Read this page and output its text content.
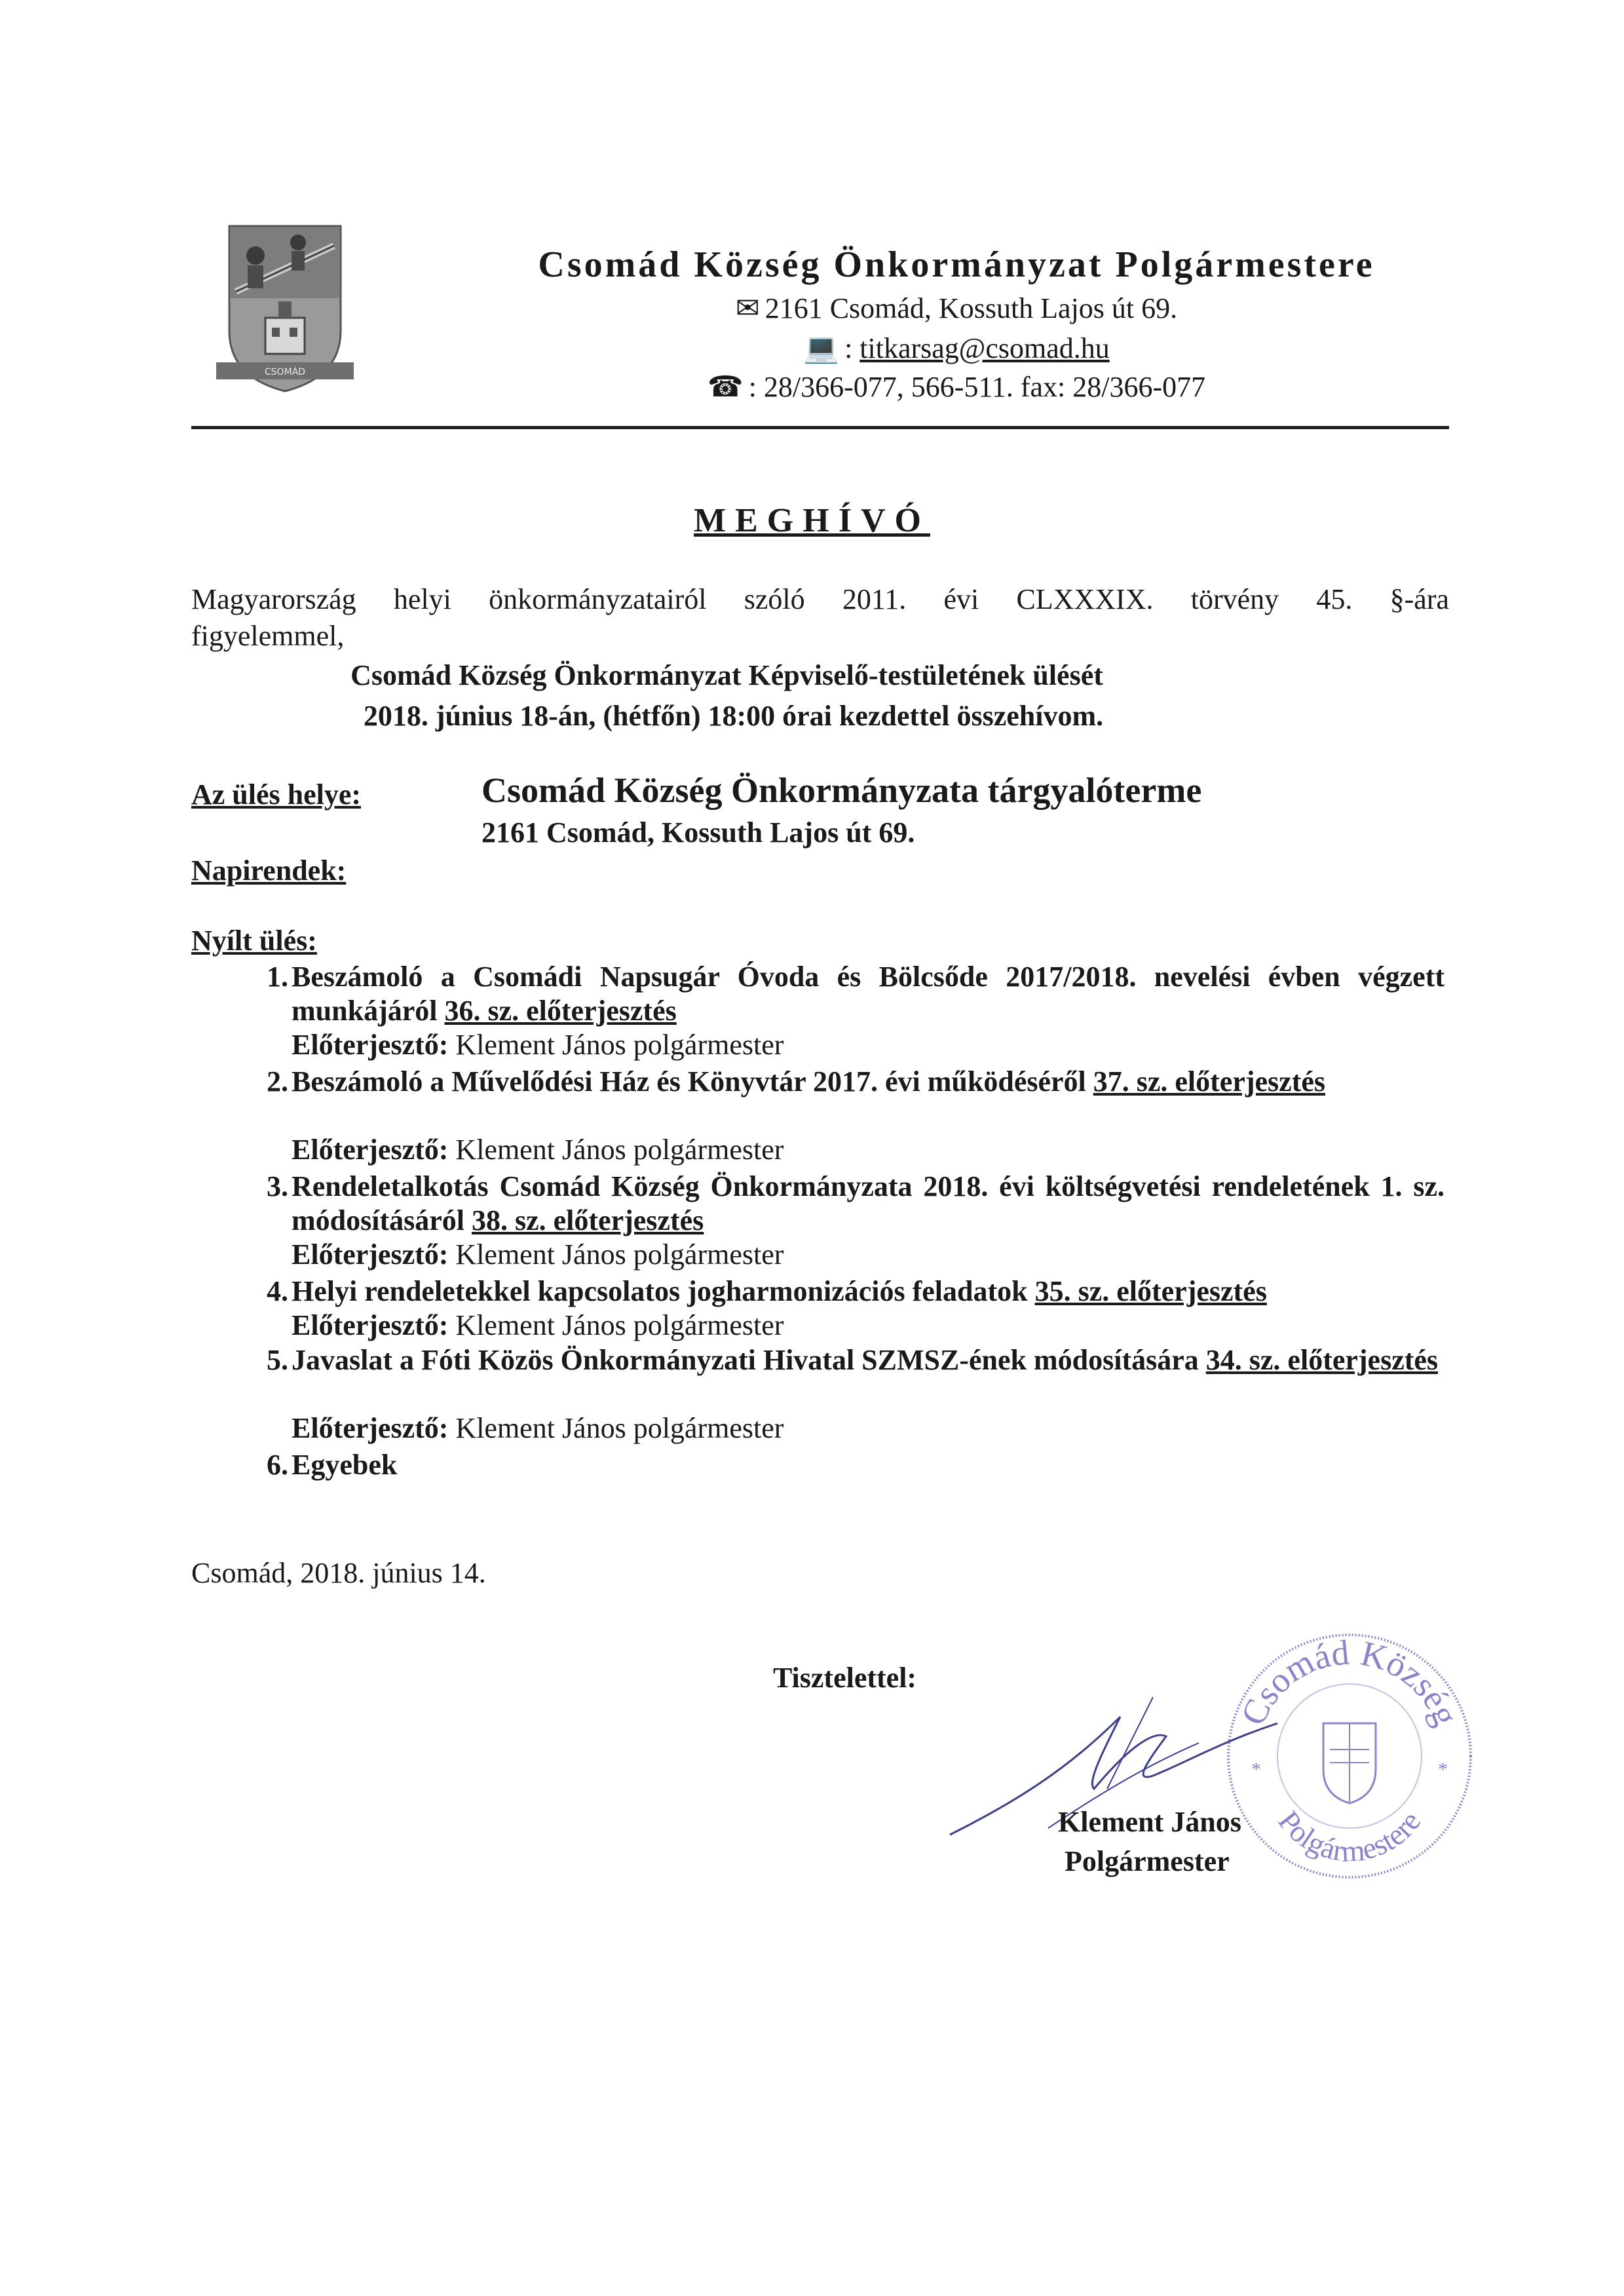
CSOMÁD
Csomád Község Önkormányzat Polgármestere
✉ 2161 Csomád, Kossuth Lajos út 69.
💻 : titkarsag@csomad.hu
☎ : 28/366-077, 566-511. fax: 28/366-077
MEGHÍVÓ
Magyarország helyi önkormányzatairól szóló 2011. évi CLXXXIX. törvény 45. §-ára
figyelemmel,
Csomád Község Önkormányzat Képviselő-testületének ülését
2018. június 18-án, (hétfőn) 18:00 órai kezdettel összehívom.
Az ülés helye:	Csomád Község Önkormányzata tárgyalóterme
2161 Csomád, Kossuth Lajos út 69.
Napirendek:
Nyílt ülés:
1. Beszámoló a Csomádi Napsugár Óvoda és Bölcsőde 2017/2018. nevelési évben végzett munkájáról 36. sz. előterjesztés
Előterjesztő: Klement János polgármester
2. Beszámoló a Művelődési Ház és Könyvtár 2017. évi működéséről 37. sz. előterjesztés
Előterjesztő: Klement János polgármester
3. Rendeletalkotás Csomád Község Önkormányzata 2018. évi költségvetési rendeletének 1. sz. módosításáról 38. sz. előterjesztés
Előterjesztő: Klement János polgármester
4. Helyi rendeletekkel kapcsolatos jogharmonizációs feladatok 35. sz. előterjesztés
Előterjesztő: Klement János polgármester
5. Javaslat a Fóti Közös Önkormányzati Hivatal SZMSZ-ének módosítására 34. sz. előterjesztés
Előterjesztő: Klement János polgármester
6. Egyebek
Csomád, 2018. június 14.
Tisztelettel:
Csomád Község
Polgármestere
*	*
Klement János
Polgármester
